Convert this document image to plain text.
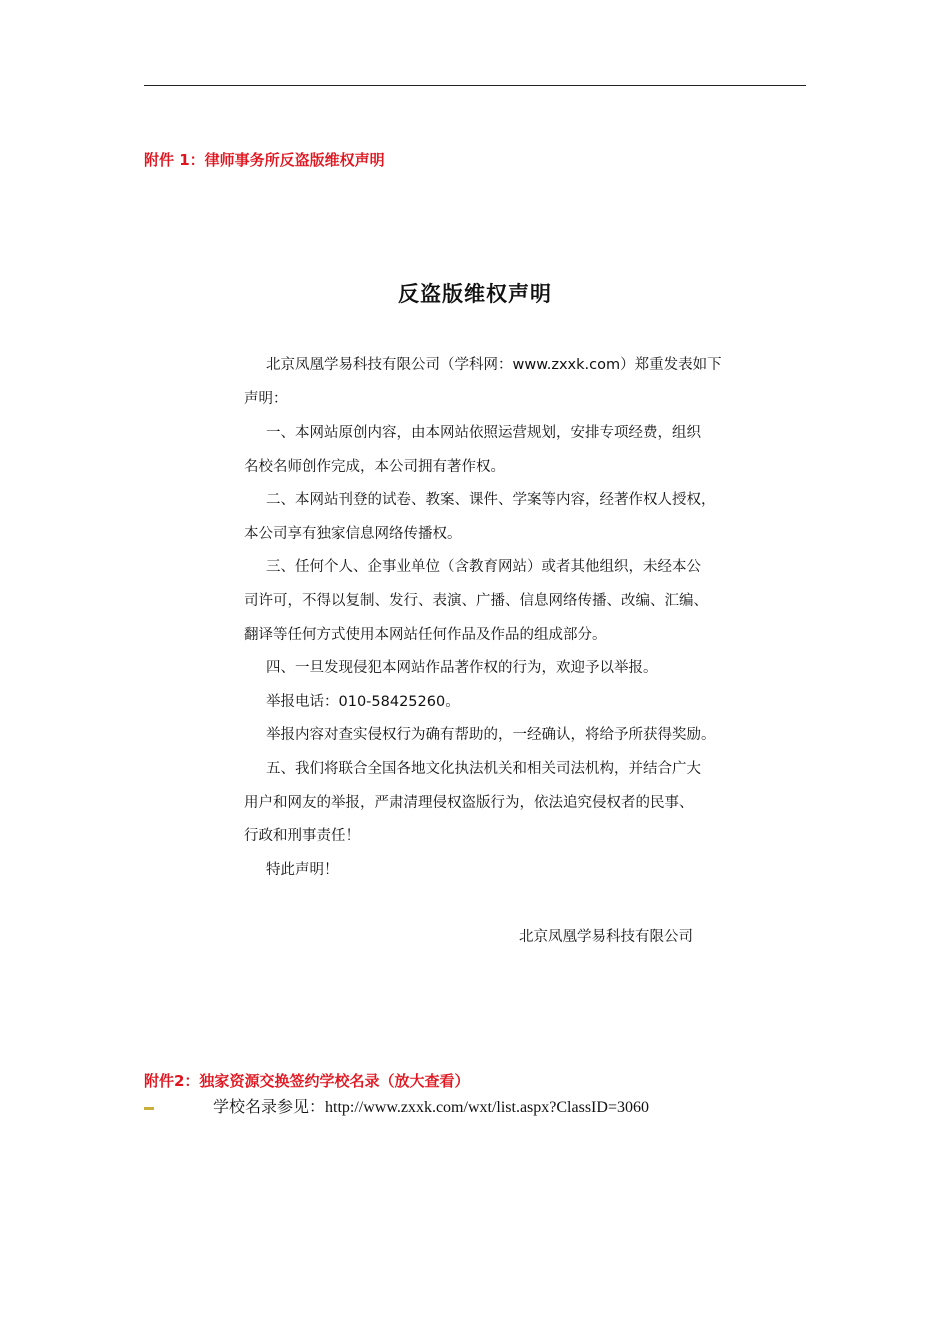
附件 1：律师事务所反盗版维权声明
反盗版维权声明
北京凤凰学易科技有限公司（学科网：www.zxxk.com）郑重发表如下
声明：
一、本网站原创内容，由本网站依照运营规划，安排专项经费，组织
名校名师创作完成，本公司拥有著作权。
二、本网站刊登的试卷、教案、课件、学案等内容，经著作权人授权，
本公司享有独家信息网络传播权。
三、任何个人、企事业单位（含教育网站）或者其他组织，未经本公
司许可，不得以复制、发行、表演、广播、信息网络传播、改编、汇编、
翻译等任何方式使用本网站任何作品及作品的组成部分。
四、一旦发现侵犯本网站作品著作权的行为，欢迎予以举报。
举报电话：010-58425260。
举报内容对查实侵权行为确有帮助的，一经确认，将给予所获得奖励。
五、我们将联合全国各地文化执法机关和相关司法机构，并结合广大
用户和网友的举报，严肃清理侵权盗版行为，依法追究侵权者的民事、
行政和刑事责任！
特此声明！
北京凤凰学易科技有限公司
附件2：独家资源交换签约学校名录（放大查看）
学校名录参见：http://www.zxxk.com/wxt/list.aspx?ClassID=3060
